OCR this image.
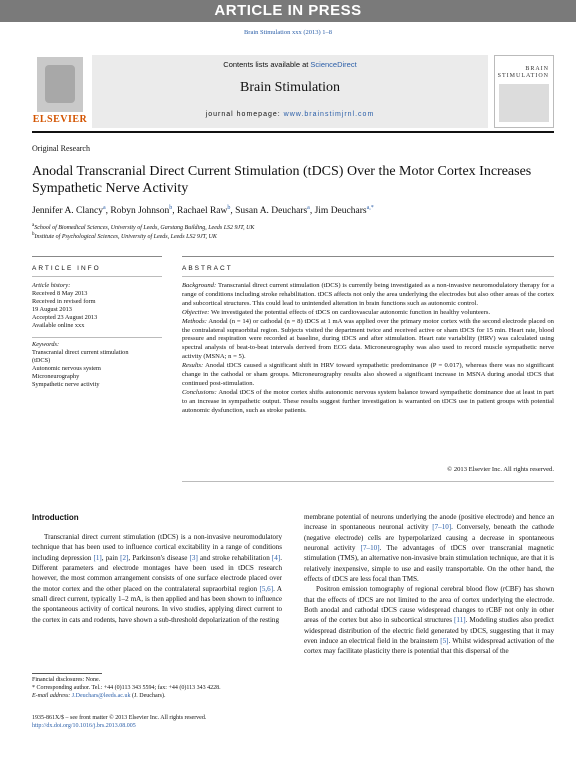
ARTICLE IN PRESS
Brain Stimulation xxx (2013) 1–8
ELSEVIER
Contents lists available at ScienceDirect
Brain Stimulation
journal homepage: www.brainstimjrnl.com
BRAIN
STIMULATION
Original Research
Anodal Transcranial Direct Current Stimulation (tDCS) Over the Motor Cortex Increases Sympathetic Nerve Activity
Jennifer A. Clancy$^a$, Robyn Johnson$^b$, Rachael Raw$^b$, Susan A. Deuchars$^a$, Jim Deuchars$^{a,*}$
$^a$School of Biomedical Sciences, University of Leeds, Garstang Building, Leeds LS2 9JT, UK
$^b$Institute of Psychological Sciences, University of Leeds, Leeds LS2 9JT, UK
ARTICLE INFO	ABSTRACT
Article history:
Received 8 May 2013
Received in revised form
19 August 2013
Accepted 23 August 2013
Available online xxx
Keywords:
Transcranial direct current stimulation
(tDCS)
Autonomic nervous system
Microneurography
Sympathetic nerve activity
Background: Transcranial direct current stimulation (tDCS) is currently being investigated as a non-invasive neuromodulatory therapy for a range of conditions including stroke rehabilitation. tDCS affects not only the area underlying the electrodes but also other areas of the cortex and subcortical structures. This could lead to unintended alteration in brain functions such as autonomic control.
Objective: We investigated the potential effects of tDCS on cardiovascular autonomic function in healthy volunteers.
Methods: Anodal (n = 14) or cathodal (n = 8) tDCS at 1 mA was applied over the primary motor cortex with the second electrode placed on the contralateral supraorbital region. Subjects visited the department twice and received active or sham tDCS for 15 min. Heart rate, blood pressure and respiration were recorded at baseline, during tDCS and after stimulation. Heart rate variability (HRV) was calculated using spectral analysis of beat-to-beat intervals derived from ECG data. Microneurography was also used to record muscle sympathetic nerve activity (MSNA; n = 5).
Results: Anodal tDCS caused a significant shift in HRV toward sympathetic predominance (P = 0.017), whereas there was no significant change in the cathodal or sham groups. Microneurography results also showed a significant increase in MSNA during anodal tDCS that continued post-stimulation.
Conclusions: Anodal tDCS of the motor cortex shifts autonomic nervous system balance toward sympathetic dominance due at least in part to an increase in sympathetic output. These results suggest further investigation is warranted on tDCS use in patient groups with potential autonomic dysfunction, such as stroke patients.
© 2013 Elsevier Inc. All rights reserved.
Introduction

Transcranial direct current stimulation (tDCS) is a non-invasive neuromodulatory technique that has been used to influence cortical excitability in a range of conditions including depression [1], pain [2], Parkinson's disease [3] and stroke rehabilitation [4]. Different parameters and electrode montages have been used in tDCS research however, the most common arrangement consists of one surface electrode placed over the motor cortex and the other placed on the contralateral supraorbital region [5,6]. A small direct current, typically 1–2 mA, is then applied and has been shown to influence the spontaneous activity of cortical neurons. In vivo studies, applying direct current to the cortex in cats and rodents, have shown a sub-threshold depolarization of the resting

membrane potential of neurons underlying the anode (positive electrode) and hence an increase in spontaneous neuronal activity [7–10]. Conversely, beneath the cathode (negative electrode) cells are hyperpolarized causing a decrease in spontaneous neuronal activity [7–10]. The advantages of tDCS over transcranial magnetic stimulation (TMS), an alternative non-invasive brain stimulation technique, are that it is relatively inexpensive, simple to use and easily transportable. On the other hand, the effects of tDCS are less focal than TMS.

Positron emission tomography of regional cerebral blood flow (rCBF) has shown that the effects of tDCS are not limited to the area of cortex underlying the electrode. Both anodal and cathodal tDCS cause widespread changes to rCBF not only in other areas of the cortex but also in subcortical structures [11]. Modeling studies also predict widespread distribution of the electric field generated by tDCS, suggesting that it may even induce an electrical field in the brainstem [5]. Whilst widespread activation of the cortex may facilitate plasticity there is potential that this dispersal of the

Financial disclosures: None.
* Corresponding author. Tel.: +44 (0)113 343 5594; fax: +44 (0)113 343 4228.
E-mail address: J.Deuchars@leeds.ac.uk (J. Deuchars).
1935-861X/$ – see front matter © 2013 Elsevier Inc. All rights reserved.
http://dx.doi.org/10.1016/j.brs.2013.08.005
